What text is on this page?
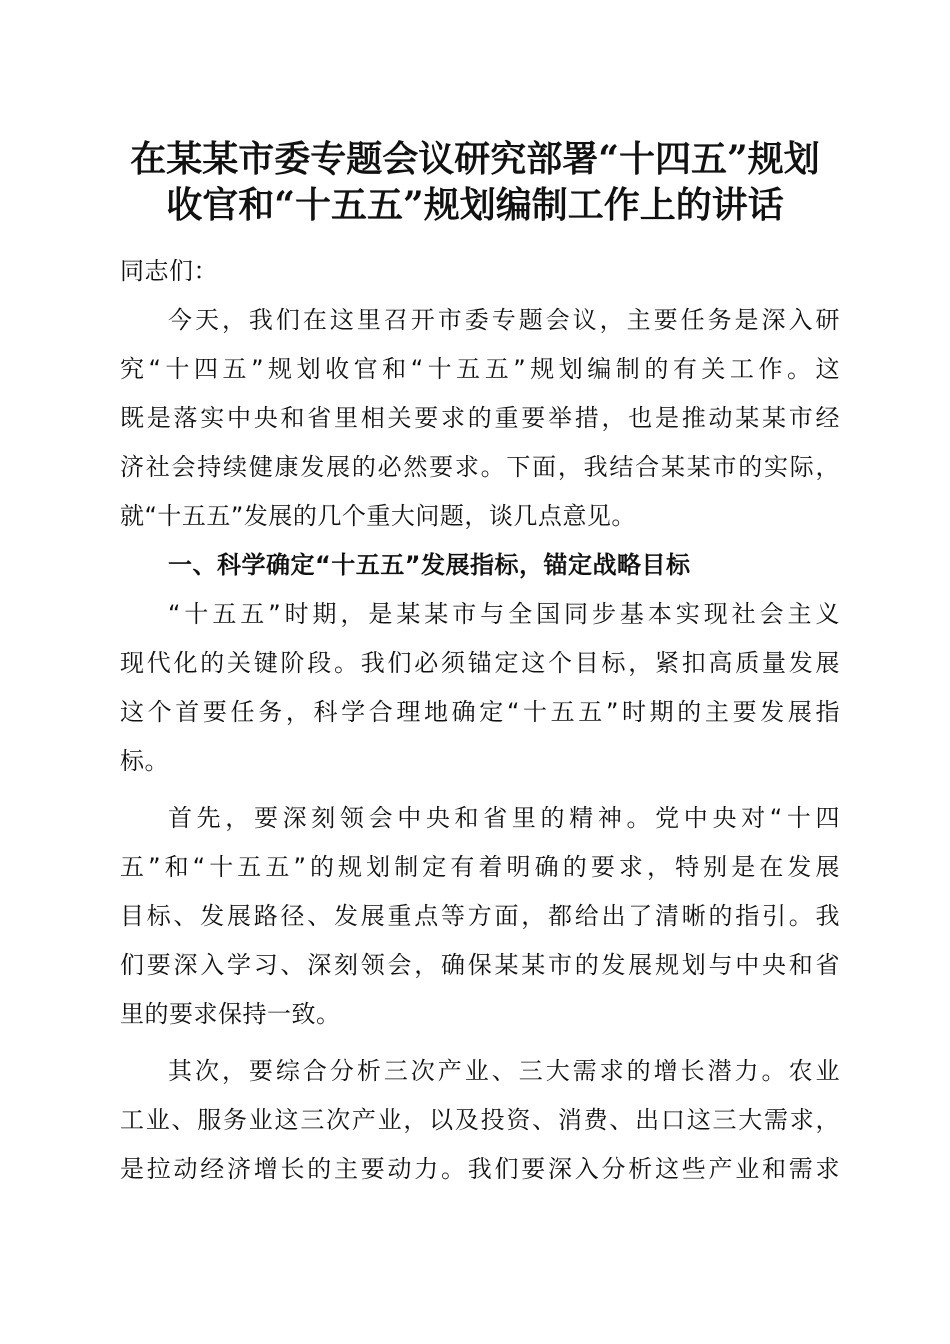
在某某市委专题会议研究部署“十四五”规划
收官和“十五五”规划编制工作上的讲话
同志们：
今天，我们在这里召开市委专题会议，主要任务是深入研
究“十四五”规划收官和“十五五”规划编制的有关工作。这
既是落实中央和省里相关要求的重要举措，也是推动某某市经
济社会持续健康发展的必然要求。下面，我结合某某市的实际，
就“十五五”发展的几个重大问题，谈几点意见。
一、科学确定“十五五”发展指标，锚定战略目标
“十五五”时期，是某某市与全国同步基本实现社会主义
现代化的关键阶段。我们必须锚定这个目标，紧扣高质量发展
这个首要任务，科学合理地确定“十五五”时期的主要发展指
标。
首先，要深刻领会中央和省里的精神。党中央对“十四
五”和“十五五”的规划制定有着明确的要求，特别是在发展
目标、发展路径、发展重点等方面，都给出了清晰的指引。我
们要深入学习、深刻领会，确保某某市的发展规划与中央和省
里的要求保持一致。
其次，要综合分析三次产业、三大需求的增长潜力。农业
工业、服务业这三次产业，以及投资、消费、出口这三大需求，
是拉动经济增长的主要动力。我们要深入分析这些产业和需求
